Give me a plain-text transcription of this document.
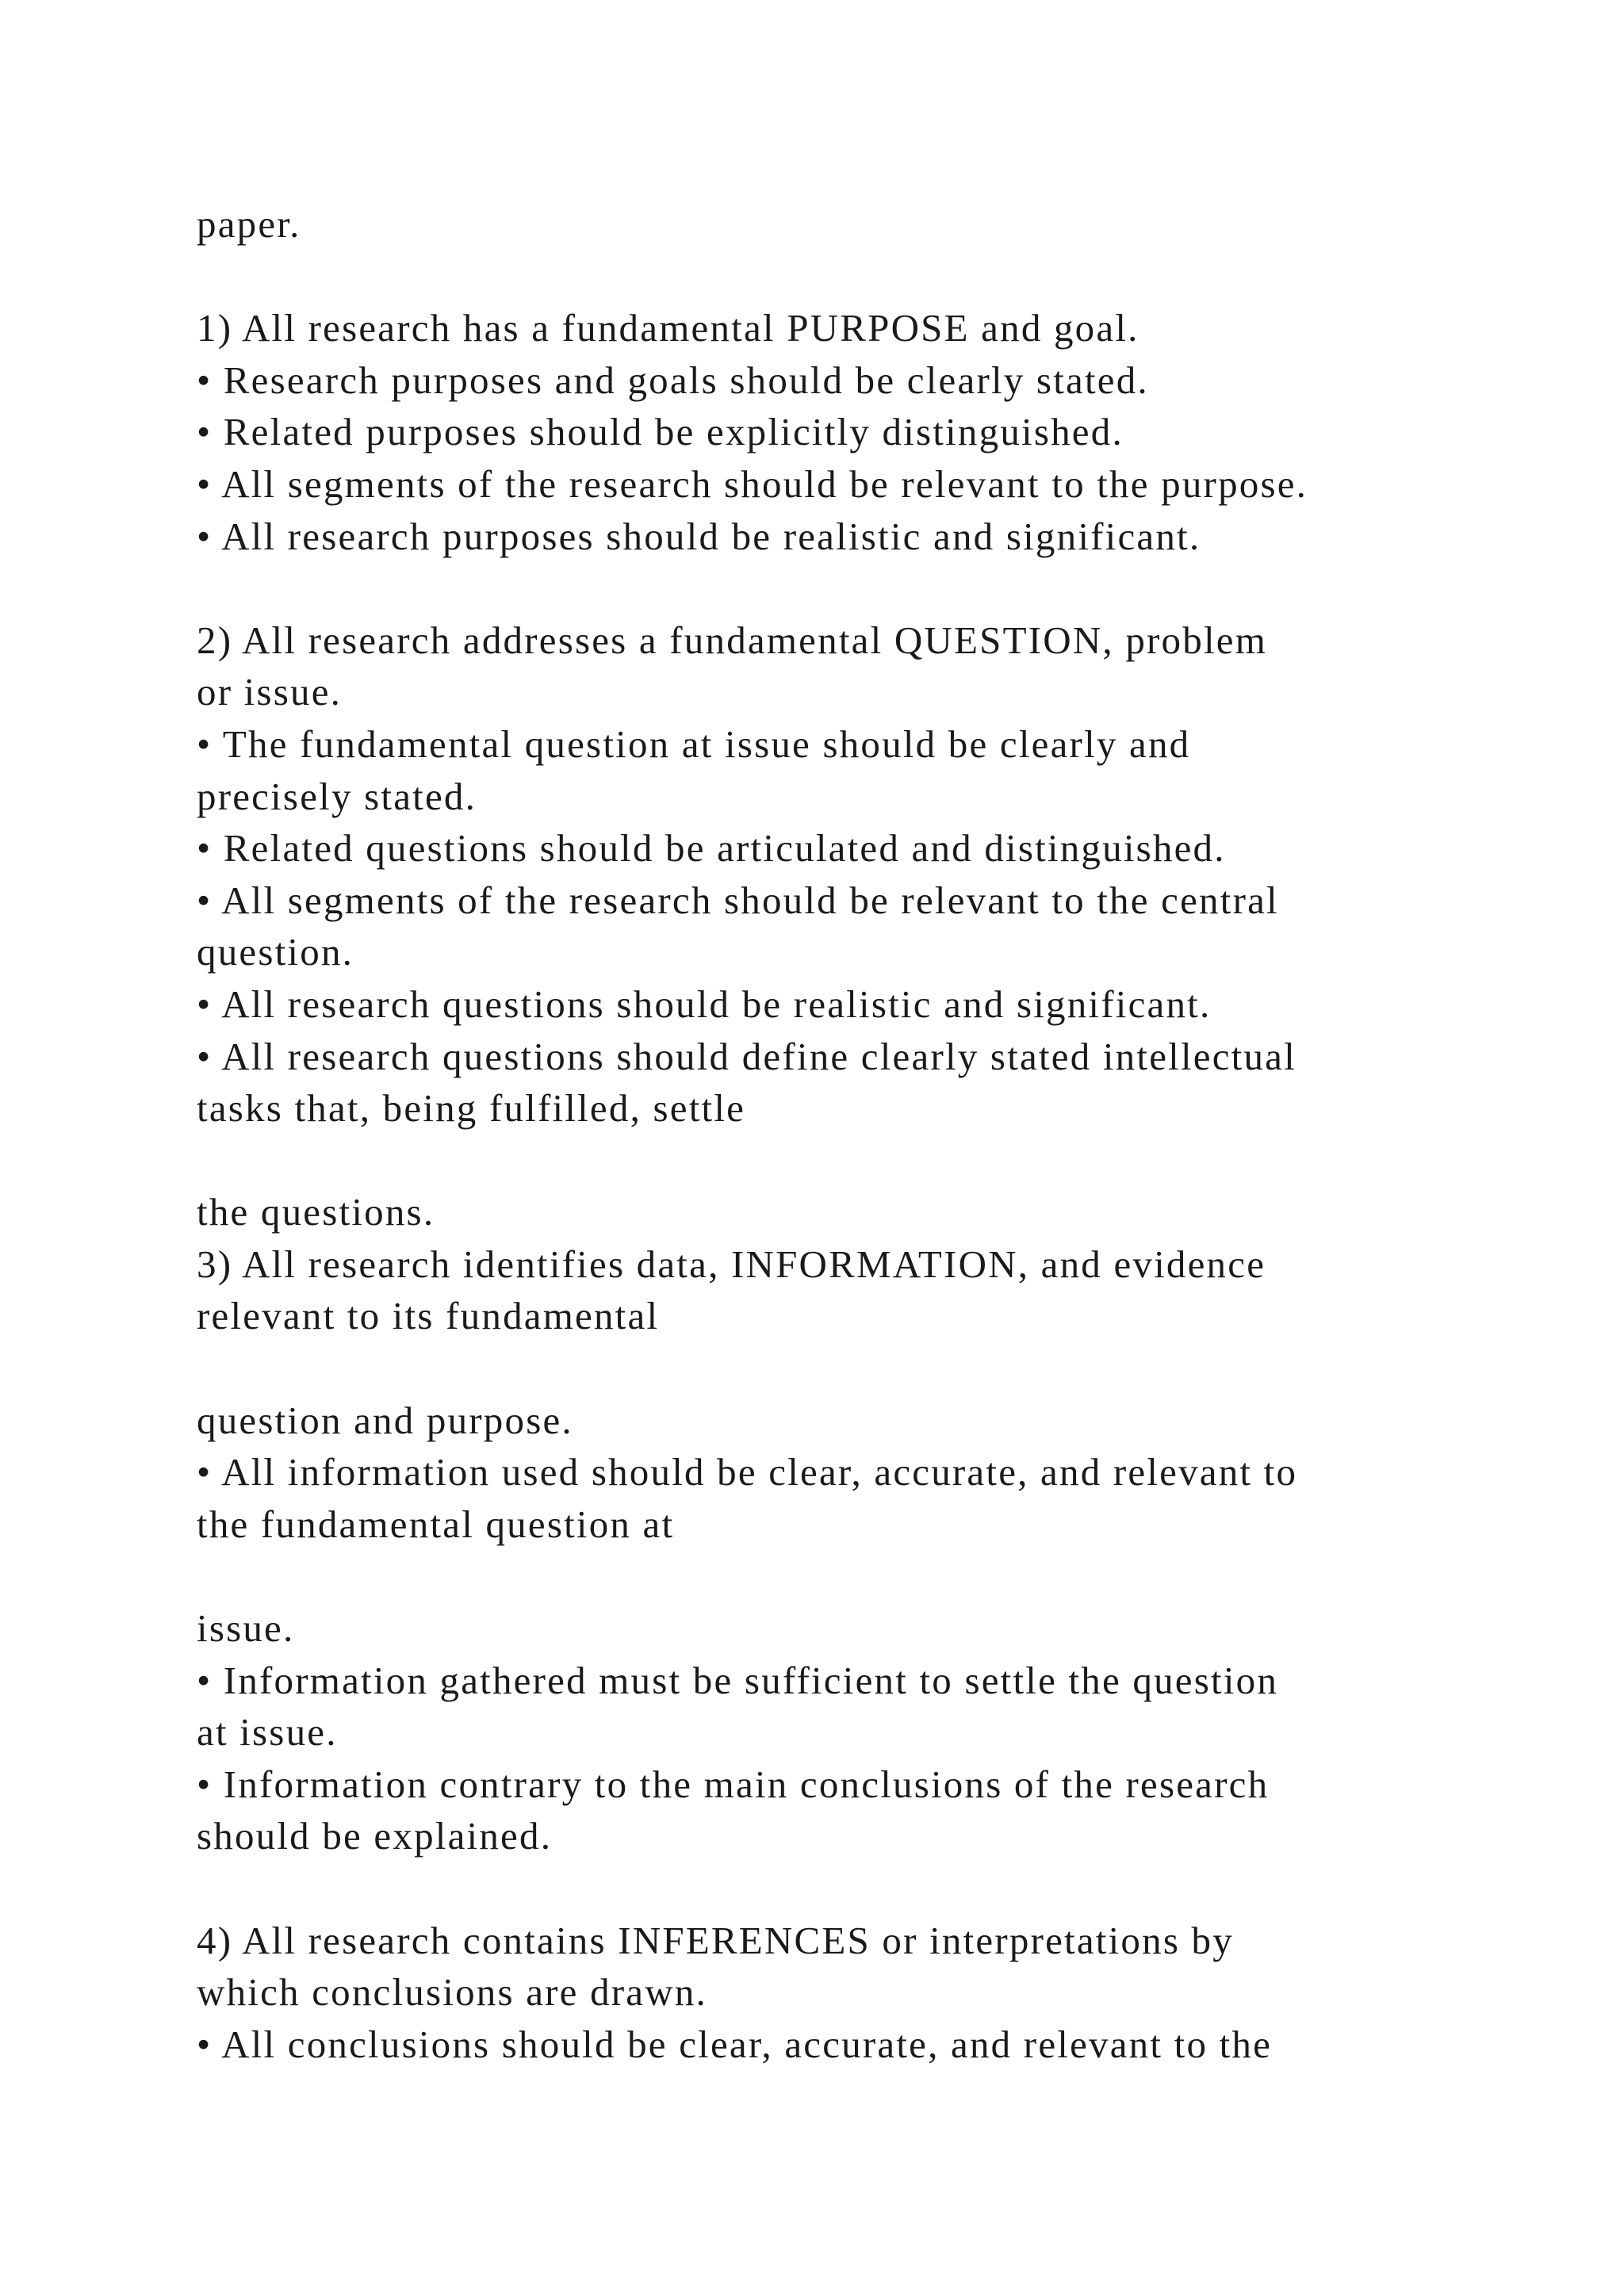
paper.
1) All research has a fundamental PURPOSE and goal.
• Research purposes and goals should be clearly stated.
• Related purposes should be explicitly distinguished.
• All segments of the research should be relevant to the purpose.
• All research purposes should be realistic and significant.
2) All research addresses a fundamental QUESTION, problem
or issue.
• The fundamental question at issue should be clearly and
precisely stated.
• Related questions should be articulated and distinguished.
• All segments of the research should be relevant to the central
question.
• All research questions should be realistic and significant.
• All research questions should define clearly stated intellectual
tasks that, being fulfilled, settle
the questions.
3) All research identifies data, INFORMATION, and evidence
relevant to its fundamental
question and purpose.
• All information used should be clear, accurate, and relevant to
the fundamental question at
issue.
• Information gathered must be sufficient to settle the question
at issue.
• Information contrary to the main conclusions of the research
should be explained.
4) All research contains INFERENCES or interpretations by
which conclusions are drawn.
• All conclusions should be clear, accurate, and relevant to the
